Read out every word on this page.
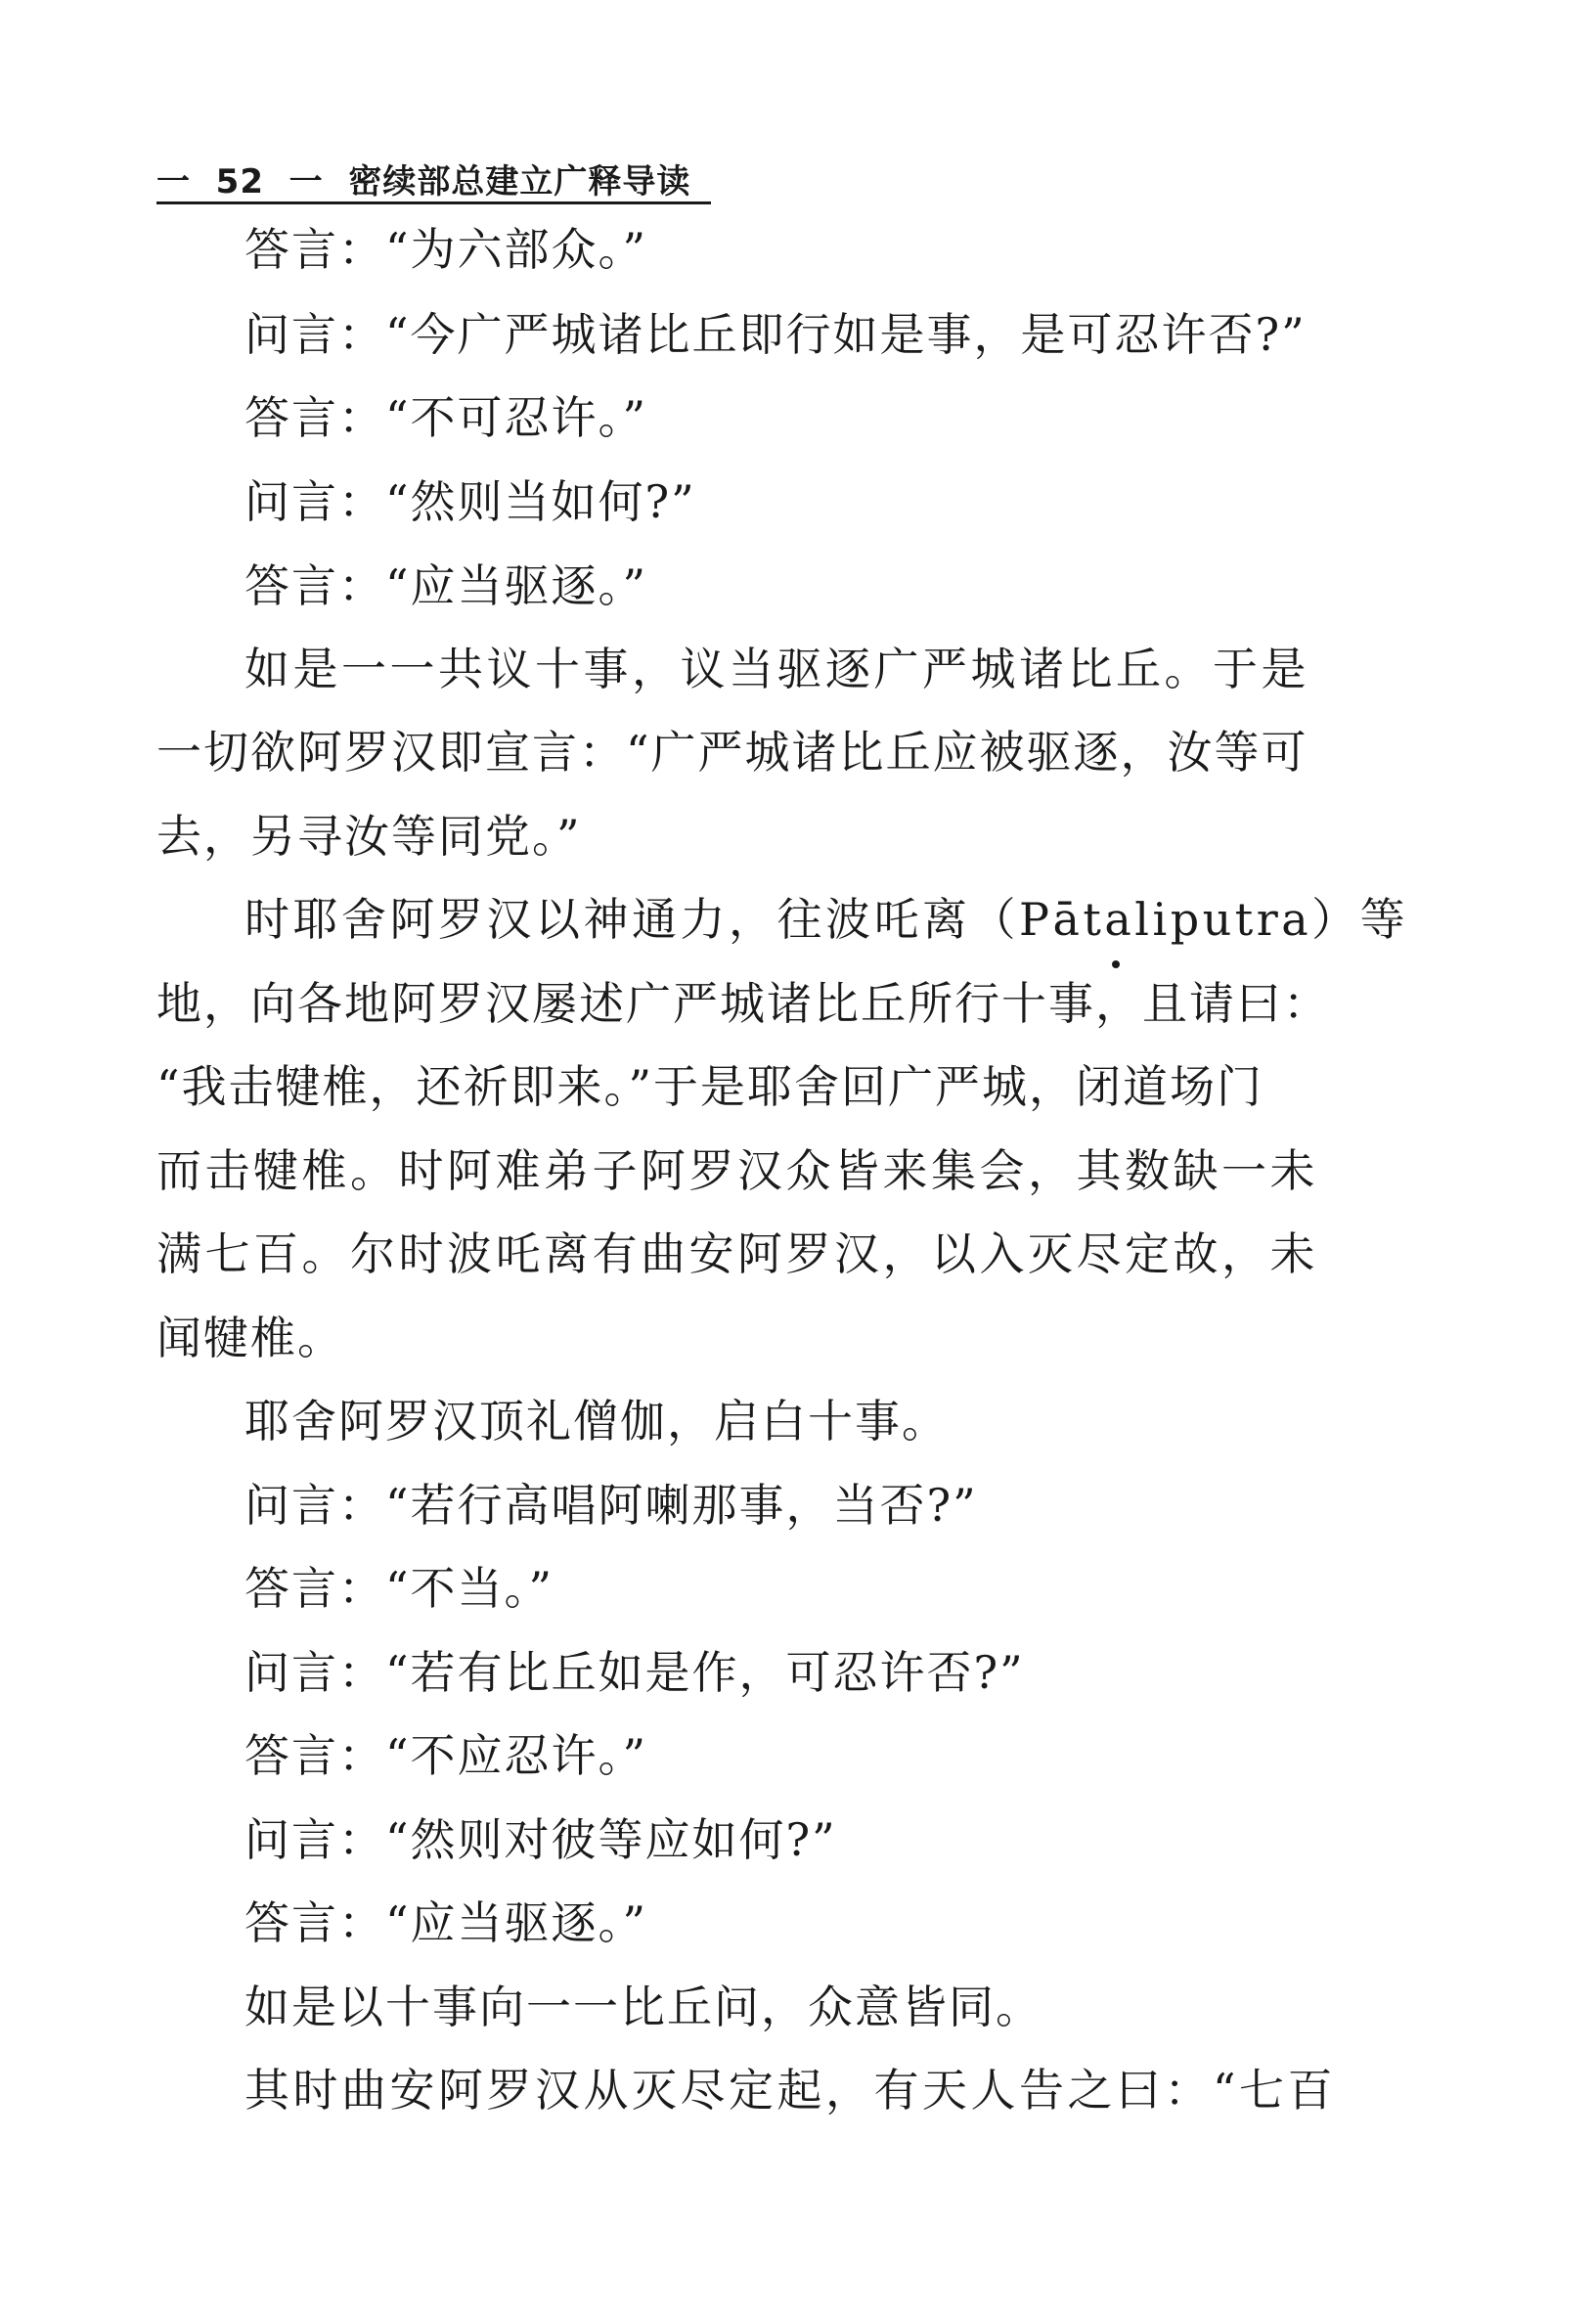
一  52  一  密续部总建立广释导读
答言：“为六部众。”
问言：“今广严城诸比丘即行如是事，是可忍许否?”
答言：“不可忍许。”
问言：“然则当如何?”
答言：“应当驱逐。”
如是一一共议十事，议当驱逐广严城诸比丘。于是
一切欲阿罗汉即宣言：“广严城诸比丘应被驱逐，汝等可
去，另寻汝等同党。”
时耶舍阿罗汉以神通力，往波吒离（Pātaliputra）等
地，向各地阿罗汉屡述广严城诸比丘所行十事，且请曰：
“我击犍椎，还祈即来。”于是耶舍回广严城，闭道场门
而击犍椎。时阿难弟子阿罗汉众皆来集会，其数缺一未
满七百。尔时波吒离有曲安阿罗汉，以入灭尽定故，未
闻犍椎。
耶舍阿罗汉顶礼僧伽，启白十事。
问言：“若行高唱阿喇那事，当否?”
答言：“不当。”
问言：“若有比丘如是作，可忍许否?”
答言：“不应忍许。”
问言：“然则对彼等应如何?”
答言：“应当驱逐。”
如是以十事向一一比丘问，众意皆同。
其时曲安阿罗汉从灭尽定起，有天人告之曰：“七百
